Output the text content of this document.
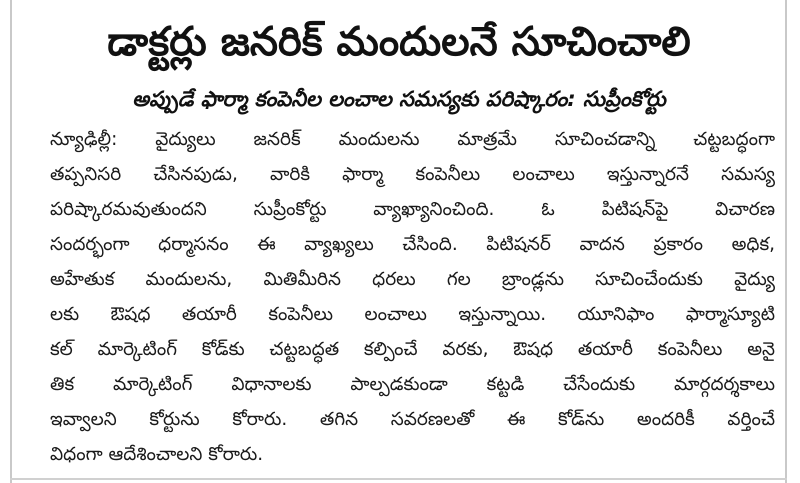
డాక్టర్లు జనరిక్ మందులనే సూచించాలి
అప్పుడే ఫార్మా కంపెనీల లంచాల సమస్యకు పరిష్కారం: సుప్రీంకోర్టు
న్యూఢిల్లీ: వైద్యులు జనరిక్ మందులను మాత్రమే సూచించడాన్ని చట్టబద్ధంగా
తప్పనిసరి చేసినపుడు, వారికి ఫార్మా కంపెనీలు లంచాలు ఇస్తున్నారనే సమస్య
పరిష్కారమవుతుందని సుప్రీంకోర్టు వ్యాఖ్యానించింది. ఓ పిటిషన్‌పై విచారణ
సందర్భంగా ధర్మాసనం ఈ వ్యాఖ్యలు చేసింది. పిటిషనర్ వాదన ప్రకారం అధిక,
అహేతుక మందులను, మితిమీరిన ధరలు గల బ్రాండ్లను సూచించేందుకు వైద్యు
లకు ఔషధ తయారీ కంపెనీలు లంచాలు ఇస్తున్నాయి. యూనిఫాం ఫార్మాస్యూటి
కల్ మార్కెటింగ్ కోడ్‌కు చట్టబద్ధత కల్పించే వరకు, ఔషధ తయారీ కంపెనీలు అనై
తిక మార్కెటింగ్ విధానాలకు పాల్పడకుండా కట్టడి చేసేందుకు మార్గదర్శకాలు
ఇవ్వాలని కోర్టును కోరారు. తగిన సవరణలతో ఈ కోడ్‌ను అందరికీ వర్తించే
విధంగా ఆదేశించాలని కోరారు.
